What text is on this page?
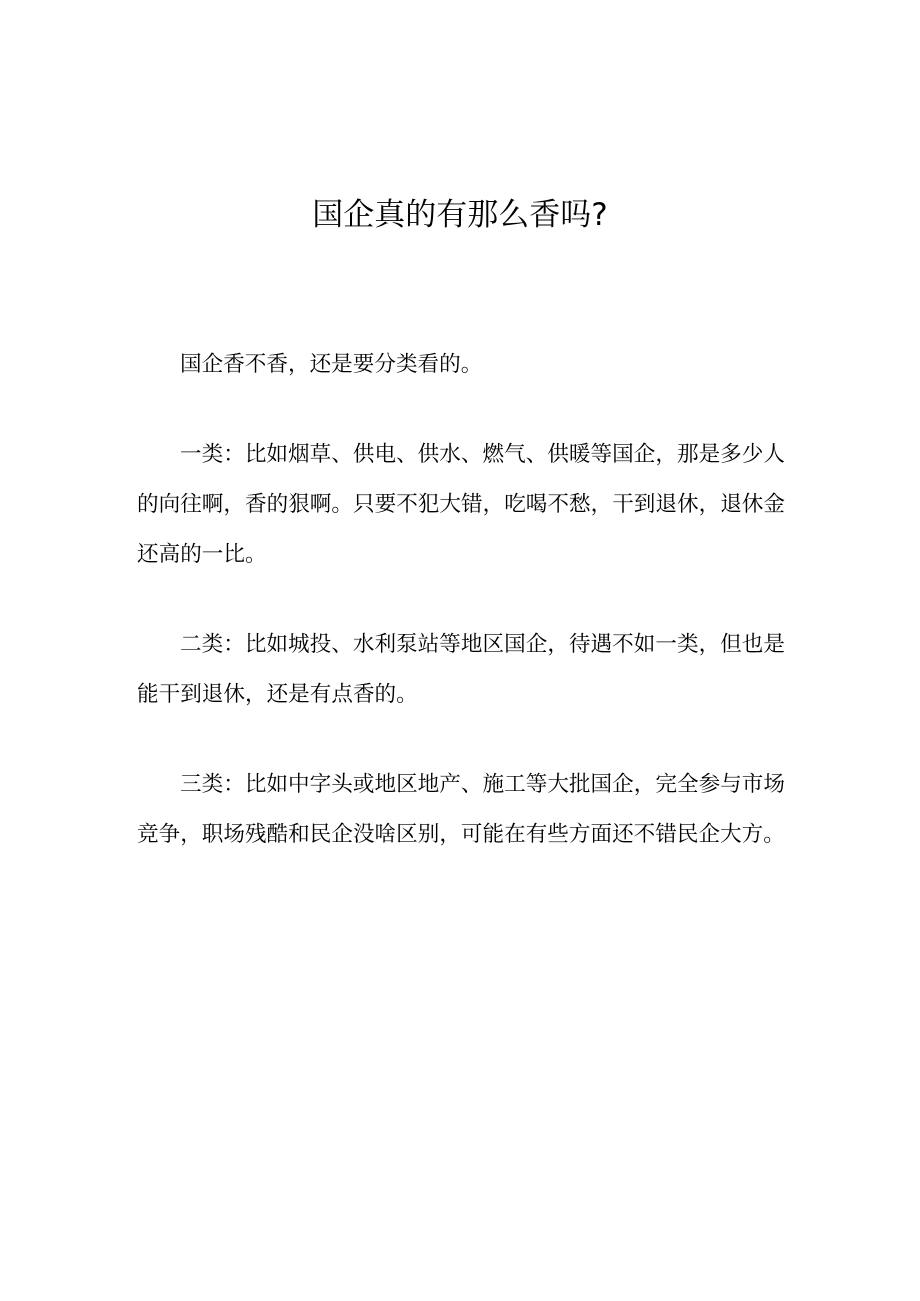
国企真的有那么香吗?

国企香不香，还是要分类看的。

一类：比如烟草、供电、供水、燃气、供暖等国企，那是多少人的向往啊，香的狠啊。只要不犯大错，吃喝不愁，干到退休，退休金还高的一比。

二类：比如城投、水利泵站等地区国企，待遇不如一类，但也是能干到退休，还是有点香的。

三类：比如中字头或地区地产、施工等大批国企，完全参与市场竞争，职场残酷和民企没啥区别，可能在有些方面还不错民企大方。
